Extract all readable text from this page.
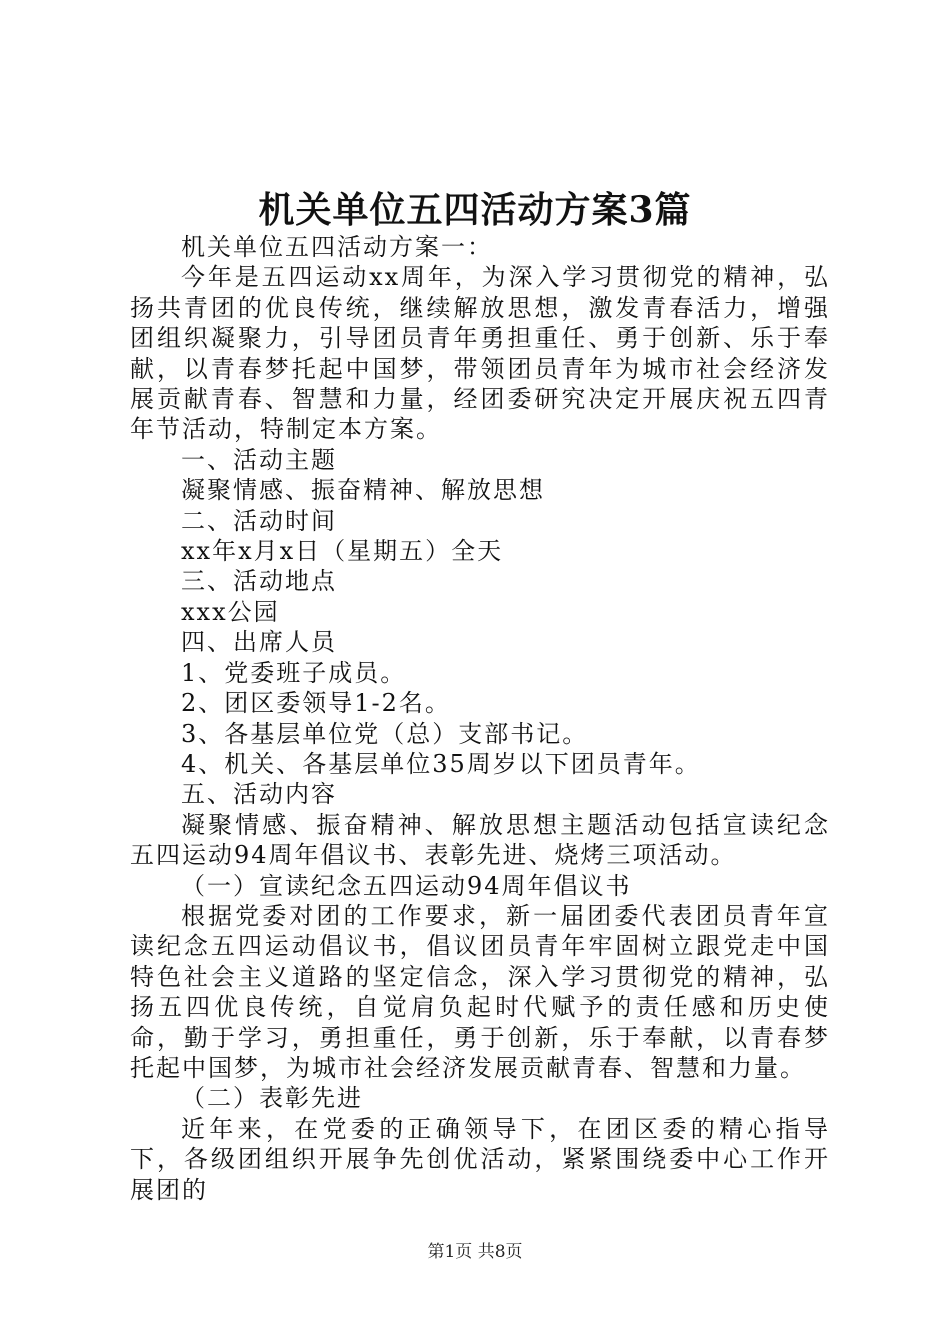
机关单位五四活动方案3篇

机关单位五四活动方案一：

今年是五四运动xx周年，为深入学习贯彻党的精神，弘扬共青团的优良传统，继续解放思想，激发青春活力，增强团组织凝聚力，引导团员青年勇担重任、勇于创新、乐于奉献，以青春梦托起中国梦，带领团员青年为城市社会经济发展贡献青春、智慧和力量，经团委研究决定开展庆祝五四青年节活动，特制定本方案。

一、活动主题

凝聚情感、振奋精神、解放思想

二、活动时间

xx年x月x日（星期五）全天

三、活动地点

xxx公园

四、出席人员

1、党委班子成员。

2、团区委领导1-2名。

3、各基层单位党（总）支部书记。

4、机关、各基层单位35周岁以下团员青年。

五、活动内容

凝聚情感、振奋精神、解放思想主题活动包括宣读纪念五四运动94周年倡议书、表彰先进、烧烤三项活动。

（一）宣读纪念五四运动94周年倡议书

根据党委对团的工作要求，新一届团委代表团员青年宣读纪念五四运动倡议书，倡议团员青年牢固树立跟党走中国特色社会主义道路的坚定信念，深入学习贯彻党的精神，弘扬五四优良传统，自觉肩负起时代赋予的责任感和历史使命，勤于学习，勇担重任，勇于创新，乐于奉献，以青春梦托起中国梦，为城市社会经济发展贡献青春、智慧和力量。

（二）表彰先进

近年来，在党委的正确领导下，在团区委的精心指导下，各级团组织开展争先创优活动，紧紧围绕委中心工作开展团的

第1页 共8页
